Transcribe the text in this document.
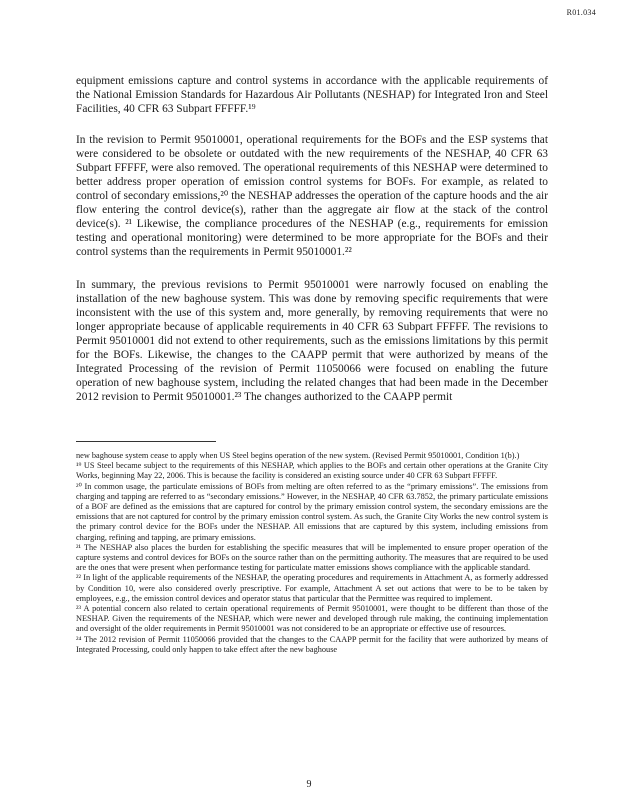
R01.034

equipment emissions capture and control systems in accordance with the applicable requirements of the National Emission Standards for Hazardous Air Pollutants (NESHAP) for Integrated Iron and Steel Facilities, 40 CFR 63 Subpart FFFFF.¹⁹

In the revision to Permit 95010001, operational requirements for the BOFs and the ESP systems that were considered to be obsolete or outdated with the new requirements of the NESHAP, 40 CFR 63 Subpart FFFFF, were also removed. The operational requirements of this NESHAP were determined to better address proper operation of emission control systems for BOFs. For example, as related to control of secondary emissions,²⁰ the NESHAP addresses the operation of the capture hoods and the air flow entering the control device(s), rather than the aggregate air flow at the stack of the control device(s). ²¹ Likewise, the compliance procedures of the NESHAP (e.g., requirements for emission testing and operational monitoring) were determined to be more appropriate for the BOFs and their control systems than the requirements in Permit 95010001.²²

In summary, the previous revisions to Permit 95010001 were narrowly focused on enabling the installation of the new baghouse system. This was done by removing specific requirements that were inconsistent with the use of this system and, more generally, by removing requirements that were no longer appropriate because of applicable requirements in 40 CFR 63 Subpart FFFFF. The revisions to Permit 95010001 did not extend to other requirements, such as the emissions limitations by this permit for the BOFs. Likewise, the changes to the CAAPP permit that were authorized by means of the Integrated Processing of the revision of Permit 11050066 were focused on enabling the future operation of new baghouse system, including the related changes that had been made in the December 2012 revision to Permit 95010001.²³ The changes authorized to the CAAPP permit

new baghouse system cease to apply when US Steel begins operation of the new system. (Revised Permit 95010001, Condition 1(b).)

¹⁹ US Steel became subject to the requirements of this NESHAP, which applies to the BOFs and certain other operations at the Granite City Works, beginning May 22, 2006. This is because the facility is considered an existing source under 40 CFR 63 Subpart FFFFF.

²⁰ In common usage, the particulate emissions of BOFs from melting are often referred to as the “primary emissions”. The emissions from charging and tapping are referred to as “secondary emissions.” However, in the NESHAP, 40 CFR 63.7852, the primary particulate emissions of a BOF are defined as the emissions that are captured for control by the primary emission control system, the secondary emissions are the emissions that are not captured for control by the primary emission control system. As such, the Granite City Works the new control system is the primary control device for the BOFs under the NESHAP. All emissions that are captured by this system, including emissions from charging, refining and tapping, are primary emissions.

²¹ The NESHAP also places the burden for establishing the specific measures that will be implemented to ensure proper operation of the capture systems and control devices for BOFs on the source rather than on the permitting authority. The measures that are required to be used are the ones that were present when performance testing for particulate matter emissions shows compliance with the applicable standard.

²² In light of the applicable requirements of the NESHAP, the operating procedures and requirements in Attachment A, as formerly addressed by Condition 10, were also considered overly prescriptive. For example, Attachment A set out actions that were to be to be taken by employees, e.g., the emission control devices and operator status that particular that the Permittee was required to implement.

²³ A potential concern also related to certain operational requirements of Permit 95010001, were thought to be different than those of the NESHAP. Given the requirements of the NESHAP, which were newer and developed through rule making, the continuing implementation and oversight of the older requirements in Permit 95010001 was not considered to be an appropriate or effective use of resources.

²⁴ The 2012 revision of Permit 11050066 provided that the changes to the CAAPP permit for the facility that were authorized by means of Integrated Processing, could only happen to take effect after the new baghouse

9
